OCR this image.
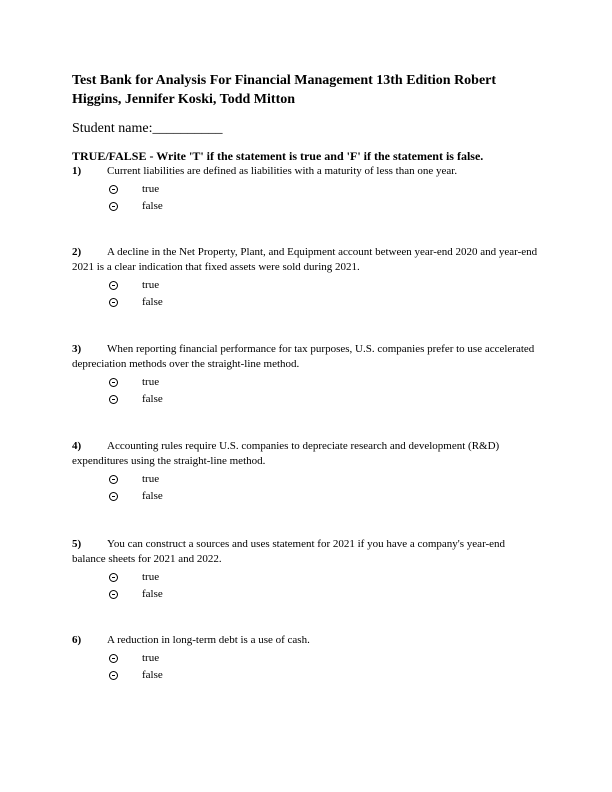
Test Bank for Analysis For Financial Management 13th Edition Robert Higgins, Jennifer Koski, Todd Mitton
Student name:__________
TRUE/FALSE - Write 'T' if the statement is true and 'F' if the statement is false.

1) Current liabilities are defined as liabilities with a maturity of less than one year.

true
false

2) A decline in the Net Property, Plant, and Equipment account between year-end 2020 and year-end 2021 is a clear indication that fixed assets were sold during 2021.

true
false

3) When reporting financial performance for tax purposes, U.S. companies prefer to use accelerated depreciation methods over the straight-line method.

true
false

4) Accounting rules require U.S. companies to depreciate research and development (R&D) expenditures using the straight-line method.

true
false

5) You can construct a sources and uses statement for 2021 if you have a company's year-end balance sheets for 2021 and 2022.

true
false

6) A reduction in long-term debt is a use of cash.

true
false
